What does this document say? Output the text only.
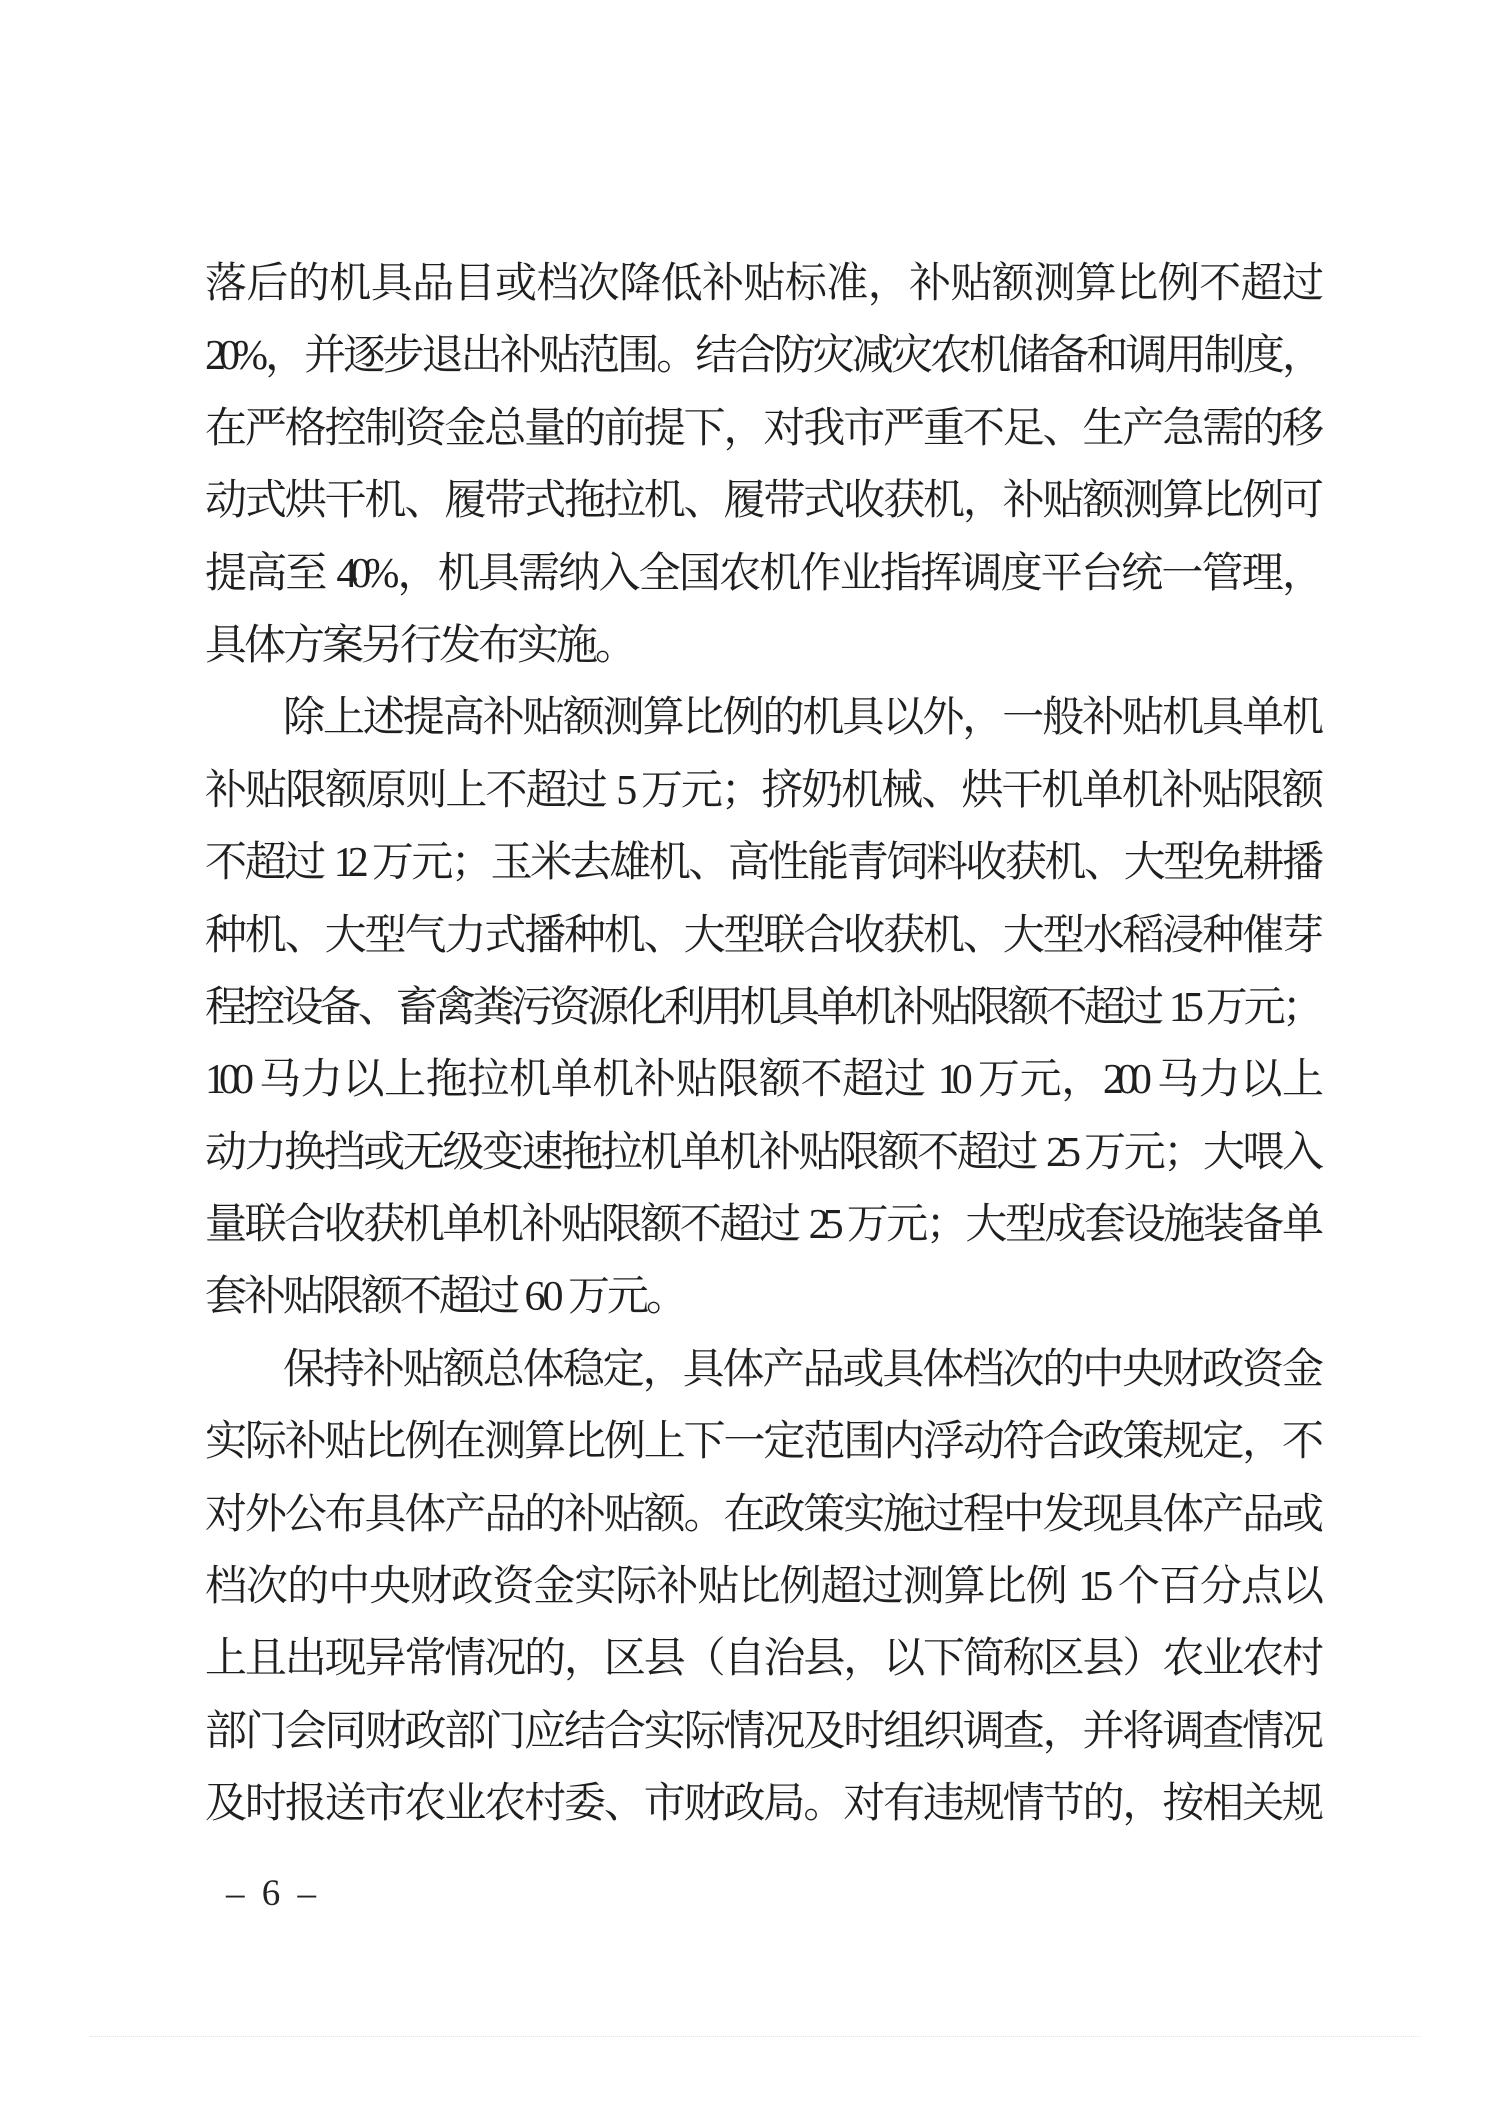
落后的机具品目或档次降低补贴标准，补贴额测算比例不超过
20%，并逐步退出补贴范围。结合防灾减灾农机储备和调用制度，
在严格控制资金总量的前提下，对我市严重不足、生产急需的移
动式烘干机、履带式拖拉机、履带式收获机，补贴额测算比例可
提高至 40%，机具需纳入全国农机作业指挥调度平台统一管理，
具体方案另行发布实施。
除上述提高补贴额测算比例的机具以外，一般补贴机具单机
补贴限额原则上不超过 5 万元；挤奶机械、烘干机单机补贴限额
不超过 12 万元；玉米去雄机、高性能青饲料收获机、大型免耕播
种机、大型气力式播种机、大型联合收获机、大型水稻浸种催芽
程控设备、畜禽粪污资源化利用机具单机补贴限额不超过 15 万元；
100 马力以上拖拉机单机补贴限额不超过 10 万元，200 马力以上
动力换挡或无级变速拖拉机单机补贴限额不超过 25 万元；大喂入
量联合收获机单机补贴限额不超过 25 万元；大型成套设施装备单
套补贴限额不超过 60 万元。
保持补贴额总体稳定，具体产品或具体档次的中央财政资金
实际补贴比例在测算比例上下一定范围内浮动符合政策规定，不
对外公布具体产品的补贴额。在政策实施过程中发现具体产品或
档次的中央财政资金实际补贴比例超过测算比例 15 个百分点以
上且出现异常情况的，区县（自治县，以下简称区县）农业农村
部门会同财政部门应结合实际情况及时组织调查，并将调查情况
及时报送市农业农村委、市财政局。对有违规情节的，按相关规
– 6 –
